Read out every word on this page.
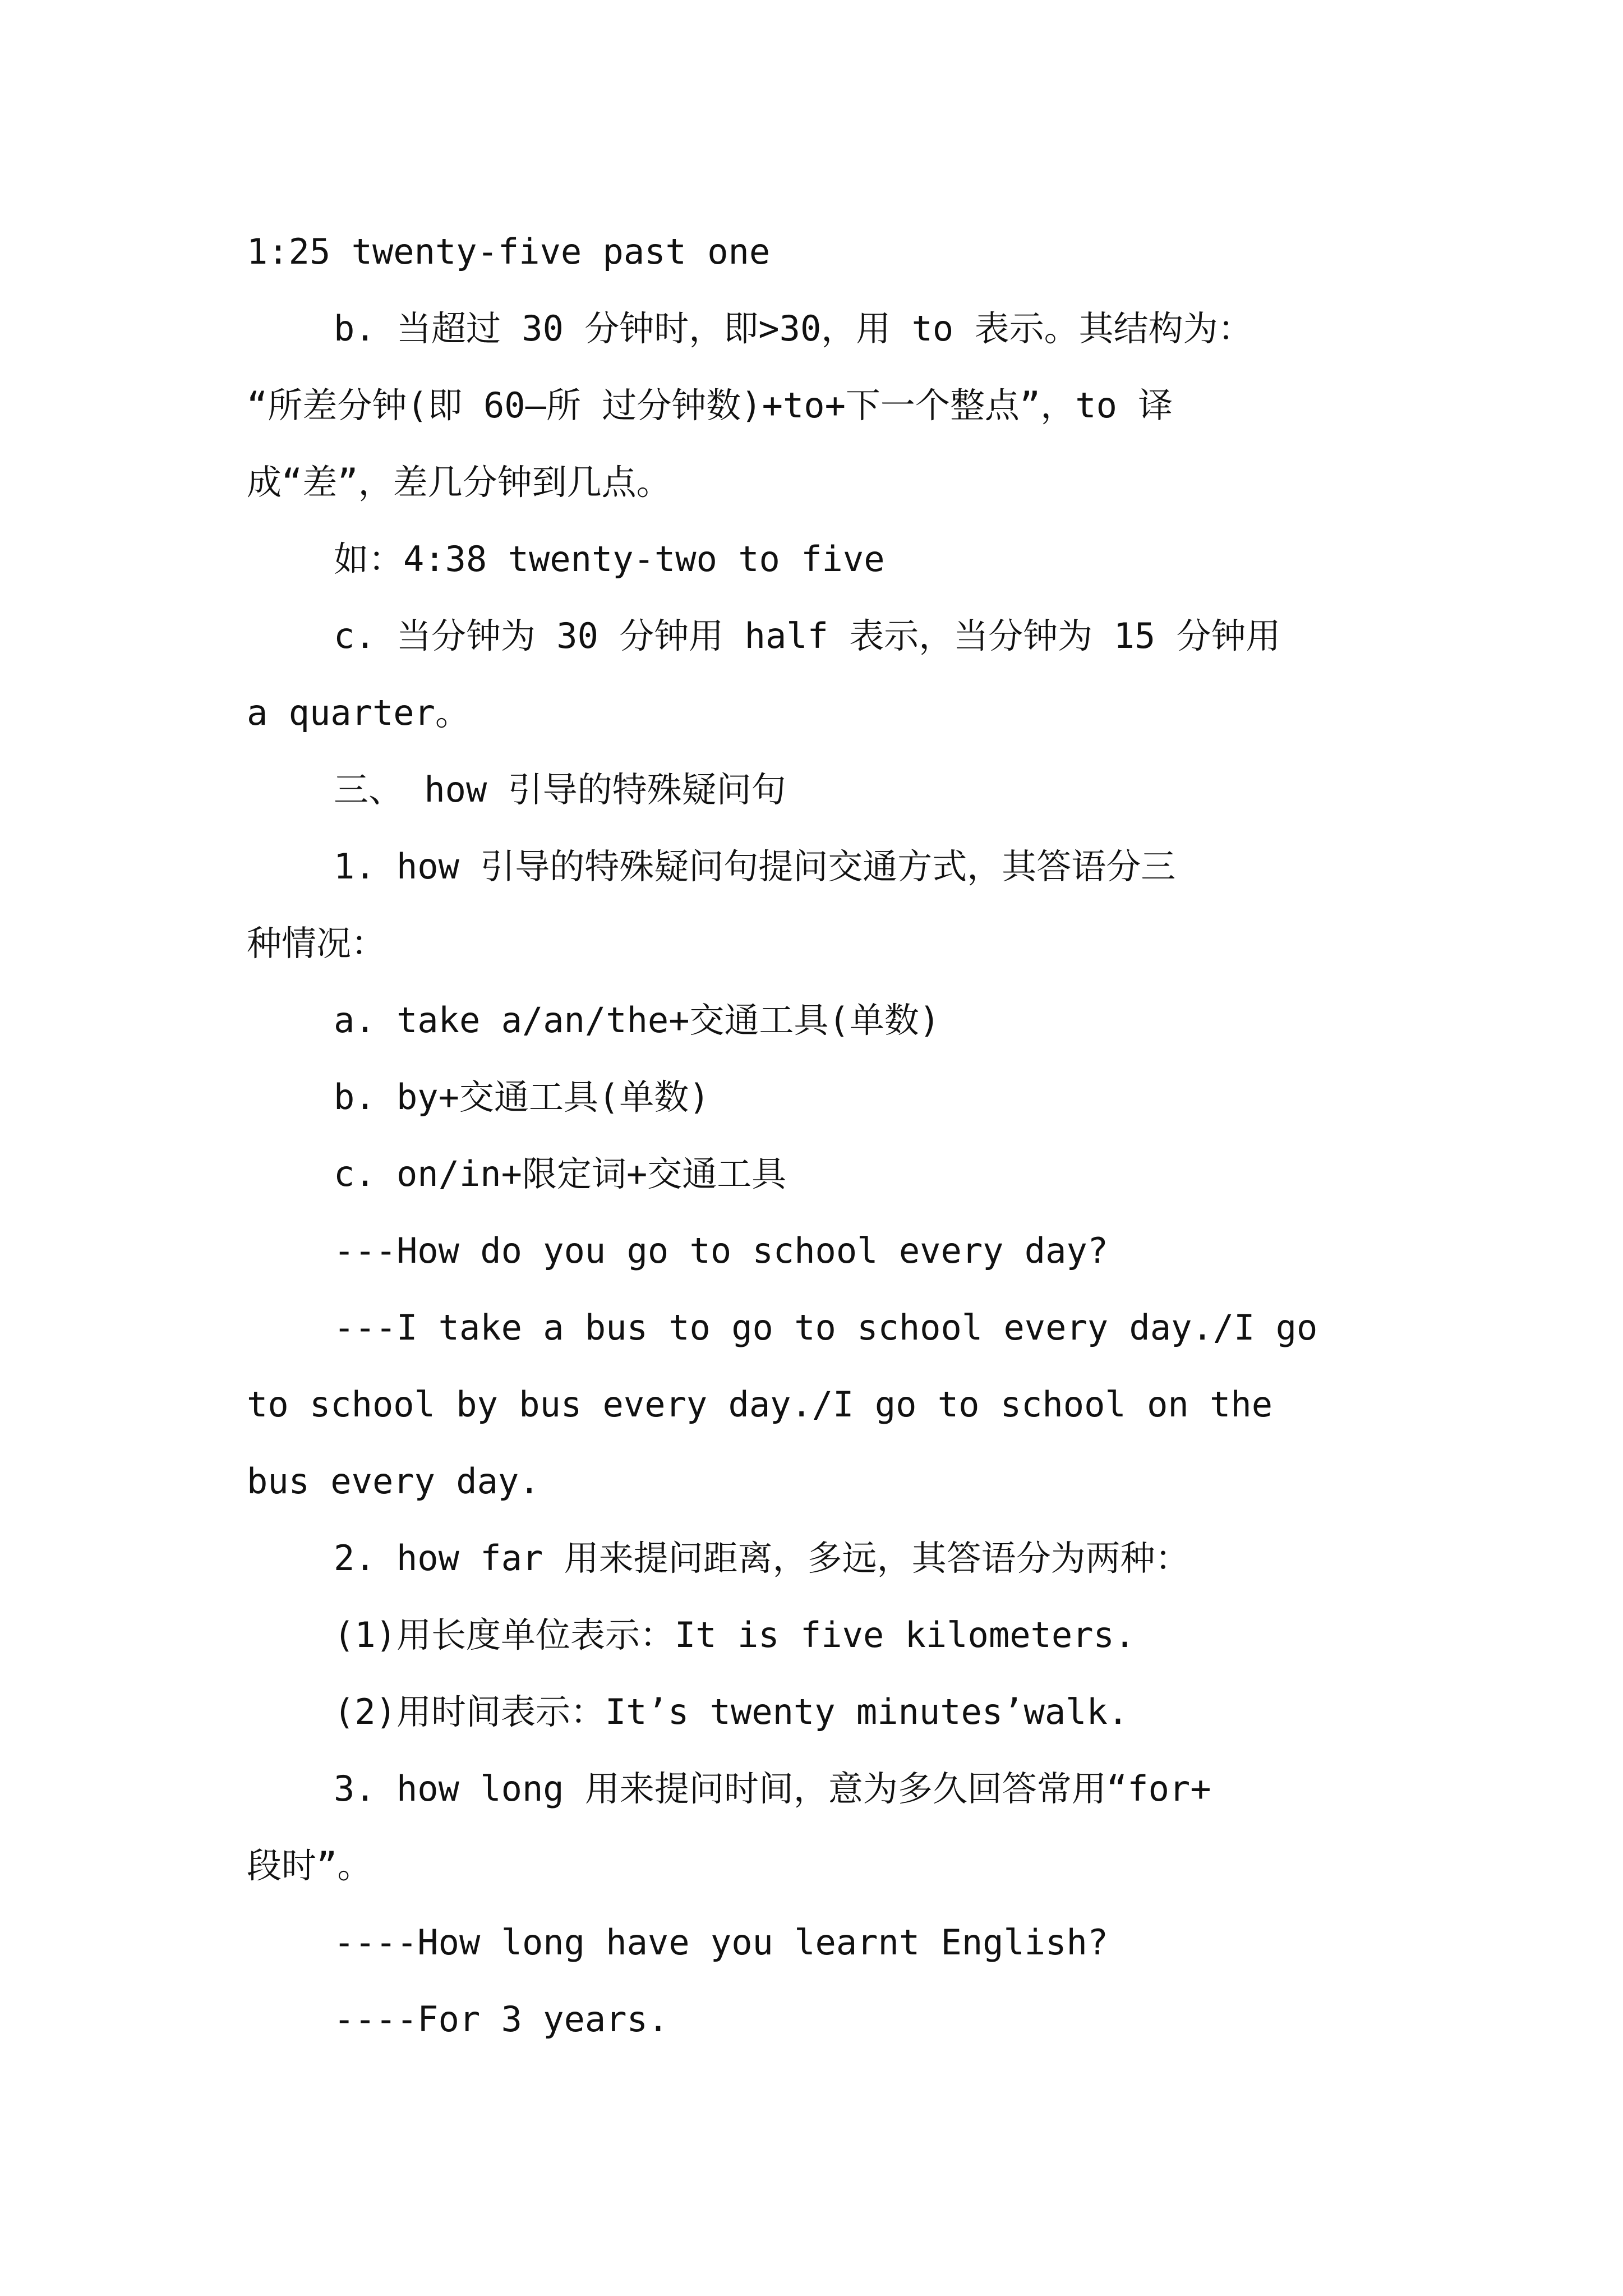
1:25 twenty-five past one
b. 当超过 30 分钟时，即>30，用 to 表示。其结构为：
“所差分钟(即 60—所 过分钟数)+to+下一个整点”，to 译
成“差”，差几分钟到几点。
如：4:38 twenty-two to five
c. 当分钟为 30 分钟用 half 表示，当分钟为 15 分钟用
a quarter。
三、 how 引导的特殊疑问句
1. how 引导的特殊疑问句提问交通方式，其答语分三
种情况：
a. take a/an/the+交通工具(单数)
b. by+交通工具(单数)
c. on/in+限定词+交通工具
---How do you go to school every day?
---I take a bus to go to school every day./I go
to school by bus every day./I go to school on the
bus every day.
2. how far 用来提问距离，多远，其答语分为两种：
(1)用长度单位表示：It is five kilometers.
(2)用时间表示：It’s twenty minutes’walk.
3. how long 用来提问时间，意为多久回答常用“for+
段时”。
----How long have you learnt English?
----For 3 years.
